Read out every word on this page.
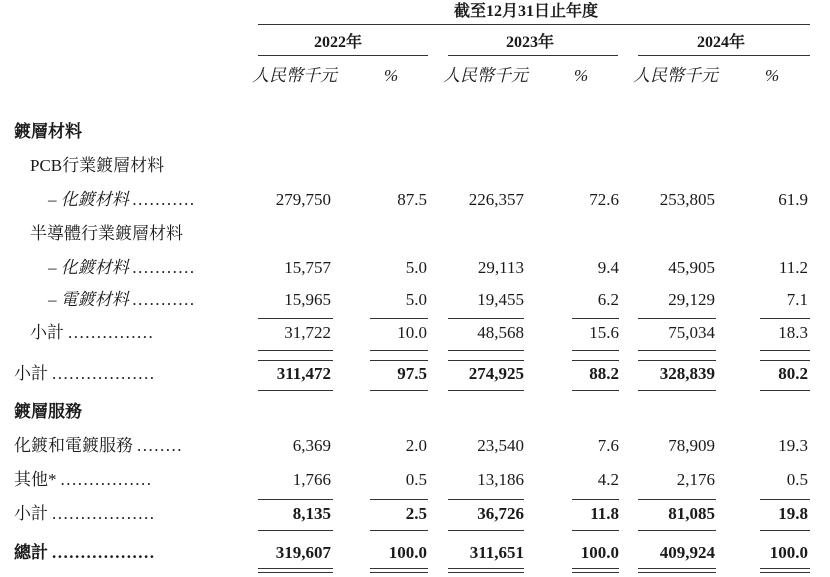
截至12月31日止年度
2022年	2023年	2024年
人民幣千元	%	人民幣千元	%	人民幣千元	%
鍍層材料
PCB行業鍍層材料
– 化鍍材料 ...........	279,750	87.5	226,357	72.6	253,805	61.9
半導體行業鍍層材料
– 化鍍材料 ...........	15,757	5.0	29,113	9.4	45,905	11.2
– 電鍍材料 ...........	15,965	5.0	19,455	6.2	29,129	7.1
小計 ...............	31,722	10.0	48,568	15.6	75,034	18.3
小計 ..................	311,472	97.5	274,925	88.2	328,839	80.2
鍍層服務
化鍍和電鍍服務 ........	6,369	2.0	23,540	7.6	78,909	19.3
其他* ................	1,766	0.5	13,186	4.2	2,176	0.5
小計 ..................	8,135	2.5	36,726	11.8	81,085	19.8
總計 ..................	319,607	100.0	311,651	100.0	409,924	100.0
